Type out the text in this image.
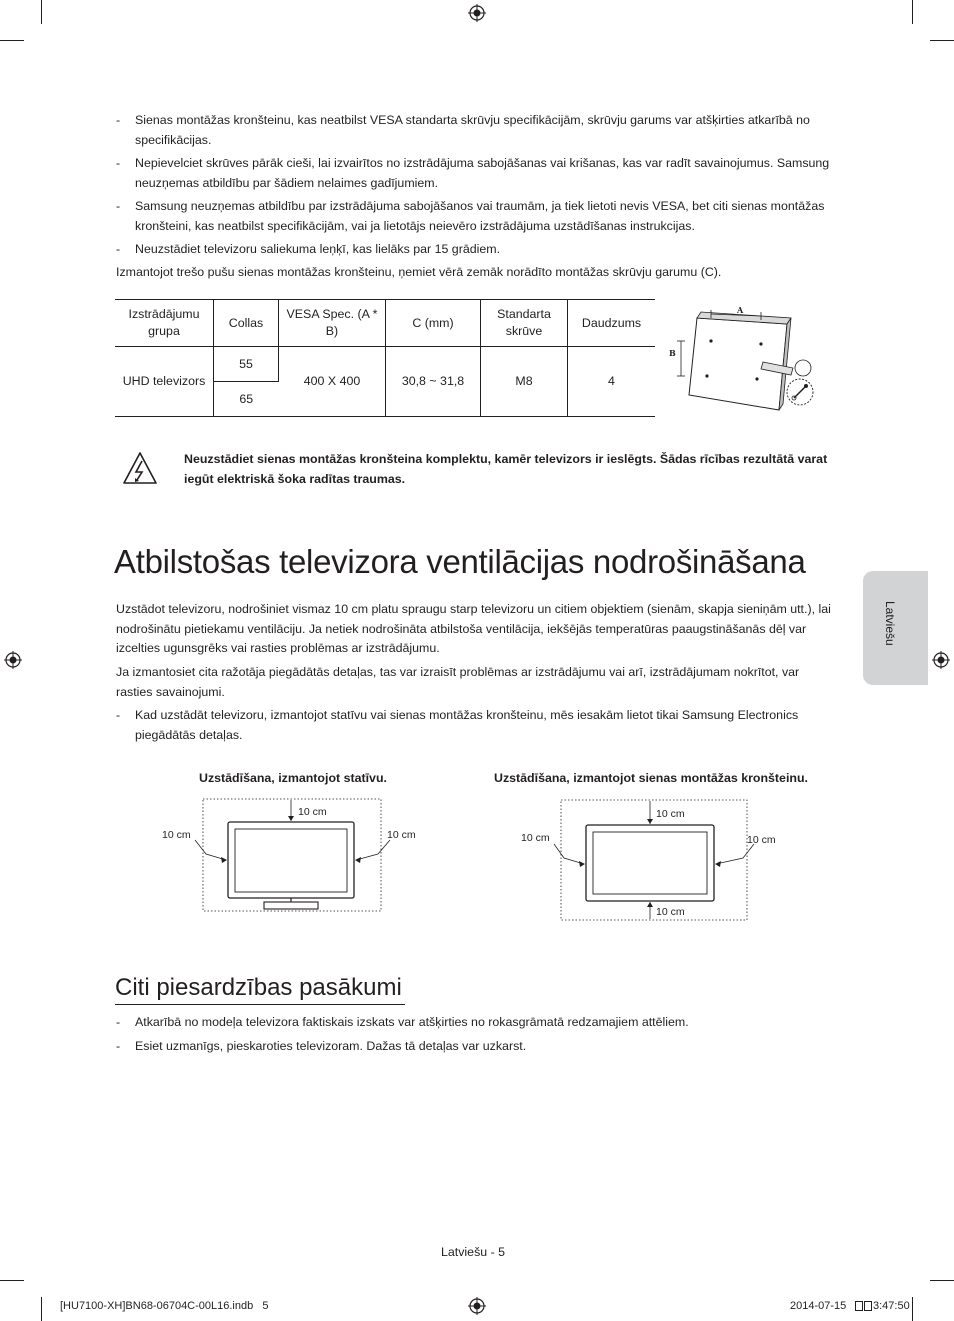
- Sienas montāžas kronšteinu, kas neatbilst VESA standarta skrūvju specifikācijām, skrūvju garums var atšķirties atkarībā no specifikācijas.
- Nepievelciet skrūves pārāk cieši, lai izvairītos no izstrādājuma sabojāšanas vai krišanas, kas var radīt savainojumus. Samsung neuzņemas atbildību par šādiem nelaimes gadījumiem.
- Samsung neuzņemas atbildību par izstrādājuma sabojāšanos vai traumām, ja tiek lietoti nevis VESA, bet citi sienas montāžas kronšteini, kas neatbilst specifikācijām, vai ja lietotājs neievēro izstrādājuma uzstādīšanas instrukcijas.
- Neuzstādiet televizoru saliekuma leņķī, kas lielāks par 15 grādiem.

Izmantojot trešo pušu sienas montāžas kronšteinu, ņemiet vērā zemāk norādīto montāžas skrūvju garumu (C).

Izstrādājumu grupa	Collas	VESA Spec. (A * B)	C (mm)	Standarta skrūve	Daudzums
UHD televizors	55	400 X 400	30,8 ~ 31,8	M8	4
	65				
A
B

Neuzstādiet sienas montāžas kronšteina komplektu, kamēr televizors ir ieslēgts. Šādas rīcības rezultātā varat iegūt elektriskā šoka radītas traumas.

Atbilstošas televizora ventilācijas nodrošināšana

Uzstādot televizoru, nodrošiniet vismaz 10 cm platu spraugu starp televizoru un citiem objektiem (sienām, skapja sieniņām utt.), lai nodrošinātu pietiekamu ventilāciju. Ja netiek nodrošināta atbilstoša ventilācija, iekšējās temperatūras paaugstināšanās dēļ var izcelties ugunsgrēks vai rasties problēmas ar izstrādājumu.

Ja izmantosiet cita ražotāja piegādātās detaļas, tas var izraisīt problēmas ar izstrādājumu vai arī, izstrādājumam nokrītot, var rasties savainojumi.

- Kad uzstādāt televizoru, izmantojot statīvu vai sienas montāžas kronšteinu, mēs iesakām lietot tikai Samsung Electronics piegādātās detaļas.
Uzstādīšana, izmantojot statīvu.	Uzstādīšana, izmantojot sienas montāžas kronšteinu.
10 cm
10 cm	10 cm
10 cm
10 cm
10 cm	10 cm
Citi piesardzības pasākumi
- Atkarībā no modeļa televizora faktiskais izskats var atšķirties no rokasgrāmatā redzamajiem attēliem.
- Esiet uzmanīgs, pieskaroties televizoram. Dažas tā detaļas var uzkarst.
Latviešu
Latviešu - 5
[HU7100-XH]BN68-06704C-00L16.indb   5	2014-07-15 3:47:50
